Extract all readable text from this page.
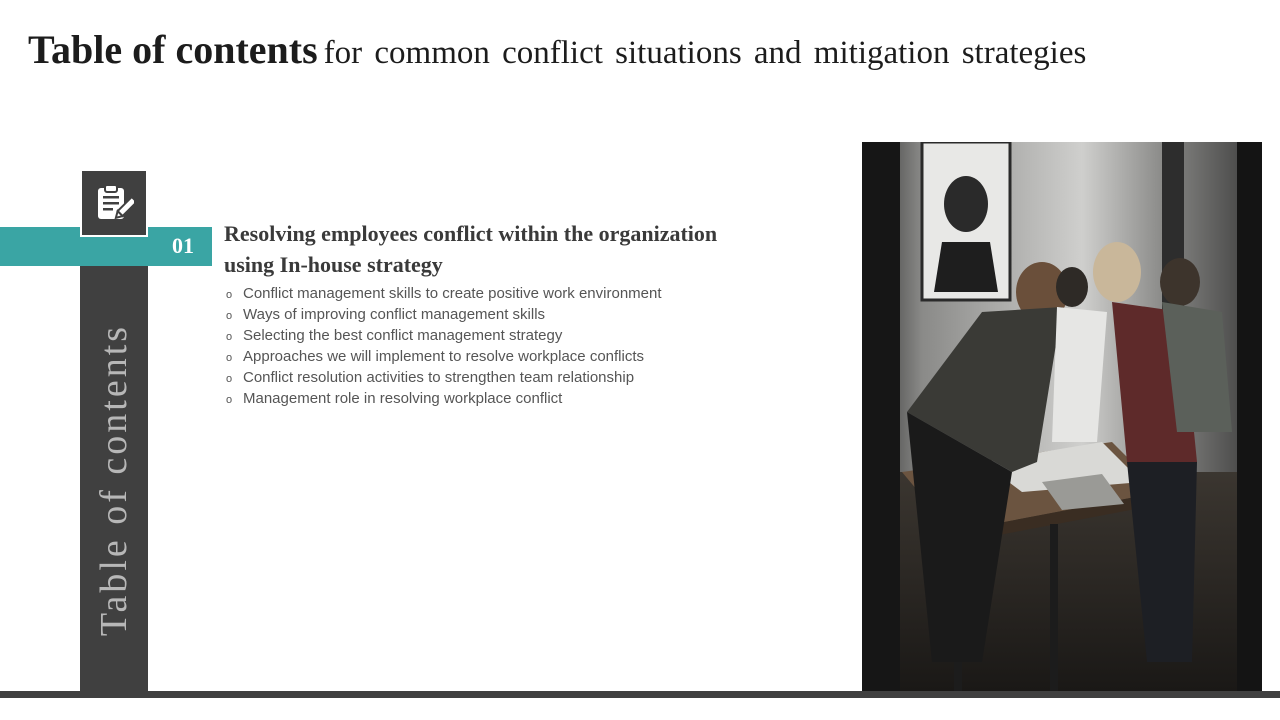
Table of contents for common conflict situations and mitigation strategies
01
Table of contents
Resolving employees conflict within the organization
using In-house strategy
o Conflict management skills to create positive work environment
o Ways of improving conflict management skills
o Selecting the best conflict management strategy
o Approaches we will implement to resolve workplace conflicts
o Conflict resolution activities to strengthen team relationship
o Management role in resolving workplace conflict
